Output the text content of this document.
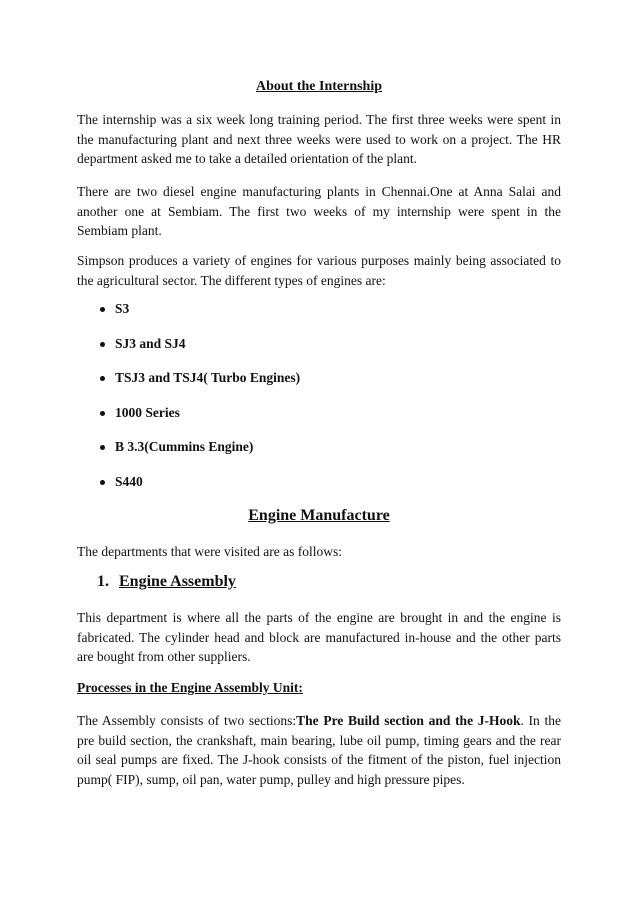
About the Internship

The internship was a six week long training period. The first three weeks were spent in the manufacturing plant and next three weeks were used to work on a project. The HR department asked me to take a detailed orientation of the plant.

There are two diesel engine manufacturing plants in Chennai.One at Anna Salai and another one at Sembiam. The first two weeks of my internship were spent in the Sembiam plant.

Simpson produces a variety of engines for various purposes mainly being associated to the agricultural sector. The different types of engines are:

S3
SJ3 and SJ4
TSJ3 and TSJ4( Turbo Engines)
1000 Series
B 3.3(Cummins Engine)
S440
Engine Manufacture

The departments that were visited are as follows:

1. Engine Assembly

This department is where all the parts of the engine are brought in and the engine is fabricated. The cylinder head and block are manufactured in-house and the other parts are bought from other suppliers.

Processes in the Engine Assembly Unit:

The Assembly consists of two sections:The Pre Build section and the J-Hook. In the pre build section, the crankshaft, main bearing, lube oil pump, timing gears and the rear oil seal pumps are fixed. The J-hook consists of the fitment of the piston, fuel injection pump( FIP), sump, oil pan, water pump, pulley and high pressure pipes.
